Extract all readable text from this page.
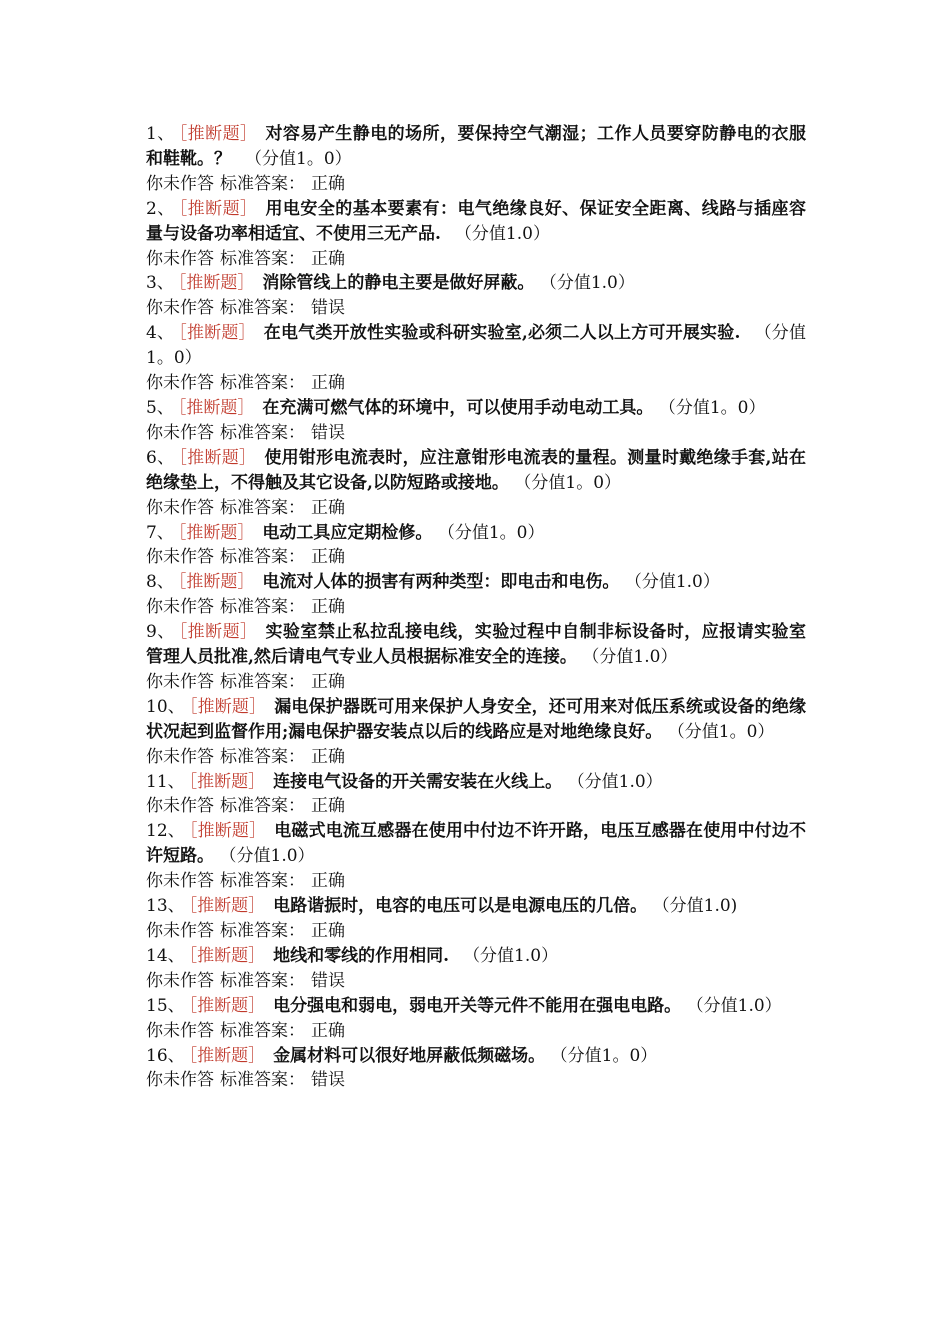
1、 ［推断题］ 对容易产生静电的场所，要保持空气潮湿；工作人员要穿防静电的衣服和鞋靴。？ （分值1。0）
你未作答 标准答案： 正确
2、 ［推断题］ 用电安全的基本要素有：电气绝缘良好、保证安全距离、线路与插座容量与设备功率相适宜、不使用三无产品. （分值1.0）
你未作答 标准答案： 正确
3、 ［推断题］ 消除管线上的静电主要是做好屏蔽。 （分值1.0）
你未作答 标准答案： 错误
4、 ［推断题］ 在电气类开放性实验或科研实验室,必须二人以上方可开展实验. （分值1。0）
你未作答 标准答案： 正确
5、 ［推断题］ 在充满可燃气体的环境中，可以使用手动电动工具。 （分值1。0）
你未作答 标准答案： 错误
6、 ［推断题］ 使用钳形电流表时，应注意钳形电流表的量程。测量时戴绝缘手套,站在绝缘垫上，不得触及其它设备,以防短路或接地。 （分值1。0）
你未作答 标准答案： 正确
7、 ［推断题］ 电动工具应定期检修。 （分值1。0）
你未作答 标准答案： 正确
8、 ［推断题］ 电流对人体的损害有两种类型：即电击和电伤。 （分值1.0）
你未作答 标准答案： 正确
9、 ［推断题］ 实验室禁止私拉乱接电线，实验过程中自制非标设备时，应报请实验室管理人员批准,然后请电气专业人员根据标准安全的连接。 （分值1.0）
你未作答 标准答案： 正确
10、 ［推断题］ 漏电保护器既可用来保护人身安全，还可用来对低压系统或设备的绝缘状况起到监督作用;漏电保护器安装点以后的线路应是对地绝缘良好。 （分值1。0）
你未作答 标准答案： 正确
11、 ［推断题］ 连接电气设备的开关需安装在火线上。 （分值1.0）
你未作答 标准答案： 正确
12、 ［推断题］ 电磁式电流互感器在使用中付边不许开路，电压互感器在使用中付边不许短路。 （分值1.0）
你未作答 标准答案： 正确
13、 ［推断题］ 电路谐振时，电容的电压可以是电源电压的几倍。 （分值1.0)
你未作答 标准答案： 正确
14、 ［推断题］ 地线和零线的作用相同. （分值1.0）
你未作答 标准答案： 错误
15、 ［推断题］ 电分强电和弱电，弱电开关等元件不能用在强电电路。 （分值1.0）
你未作答 标准答案： 正确
16、 ［推断题］ 金属材料可以很好地屏蔽低频磁场。 （分值1。0）
你未作答 标准答案： 错误
